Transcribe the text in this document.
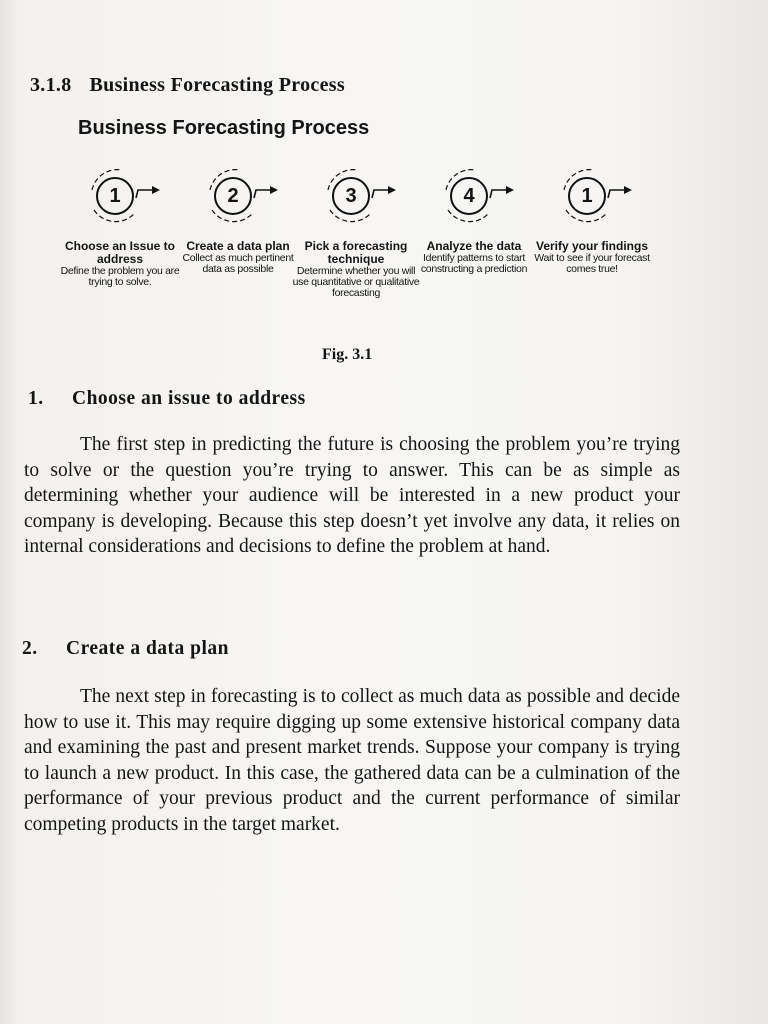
3.1.8 Business Forecasting Process
Business Forecasting Process
1
Choose an Issue to address
Define the problem you are trying to solve.
2
Create a data plan
Collect as much pertinent data as possible
3
Pick a forecasting technique
Determine whether you will use quantitative or qualitative forecasting
4
Analyze the data
Identify patterns to start constructing a prediction
1
Verify your findings
Wait to see if your forecast comes true!

Fig. 3.1

1. Choose an issue to address

The first step in predicting the future is choosing the problem you’re trying to solve or the question you’re trying to answer. This can be as simple as determining whether your audience will be interested in a new product your company is developing. Because this step doesn’t yet involve any data, it relies on internal considerations and decisions to define the problem at hand.

2. Create a data plan

The next step in forecasting is to collect as much data as possible and decide how to use it. This may require digging up some extensive historical company data and examining the past and present market trends. Suppose your company is trying to launch a new product. In this case, the gathered data can be a culmination of the performance of your previous product and the current performance of similar competing products in the target market.
